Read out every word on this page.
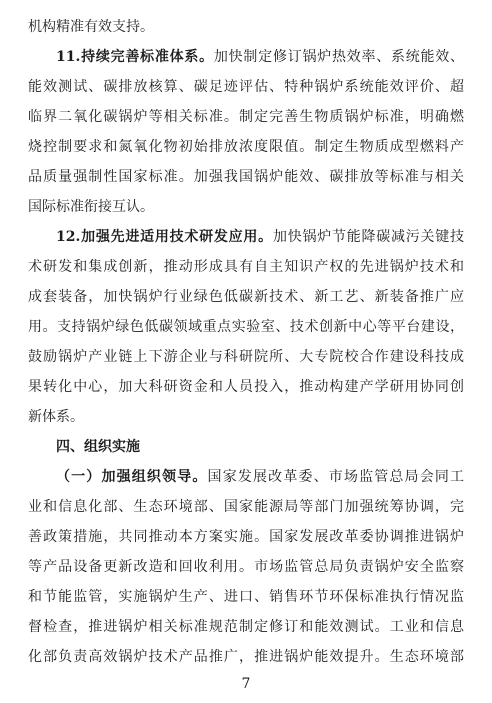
机构精准有效支持。

11.持续完善标准体系。加快制定修订锅炉热效率、系统能效、
能效测试、碳排放核算、碳足迹评估、特种锅炉系统能效评价、超
临界二氧化碳锅炉等相关标准。制定完善生物质锅炉标准，明确燃
烧控制要求和氮氧化物初始排放浓度限值。制定生物质成型燃料产
品质量强制性国家标准。加强我国锅炉能效、碳排放等标准与相关
国际标准衔接互认。

12.加强先进适用技术研发应用。加快锅炉节能降碳减污关键技
术研发和集成创新，推动形成具有自主知识产权的先进锅炉技术和
成套装备，加快锅炉行业绿色低碳新技术、新工艺、新装备推广应
用。支持锅炉绿色低碳领域重点实验室、技术创新中心等平台建设，
鼓励锅炉产业链上下游企业与科研院所、大专院校合作建设科技成
果转化中心，加大科研资金和人员投入，推动构建产学研用协同创
新体系。

四、组织实施

（一）加强组织领导。国家发展改革委、市场监管总局会同工
业和信息化部、生态环境部、国家能源局等部门加强统筹协调，完
善政策措施，共同推动本方案实施。国家发展改革委协调推进锅炉
等产品设备更新改造和回收利用。市场监管总局负责锅炉安全监察
和节能监管，实施锅炉生产、进口、销售环节环保标准执行情况监
督检查，推进锅炉相关标准规范制定修订和能效测试。工业和信息
化部负责高效锅炉技术产品推广，推进锅炉能效提升。生态环境部

7
